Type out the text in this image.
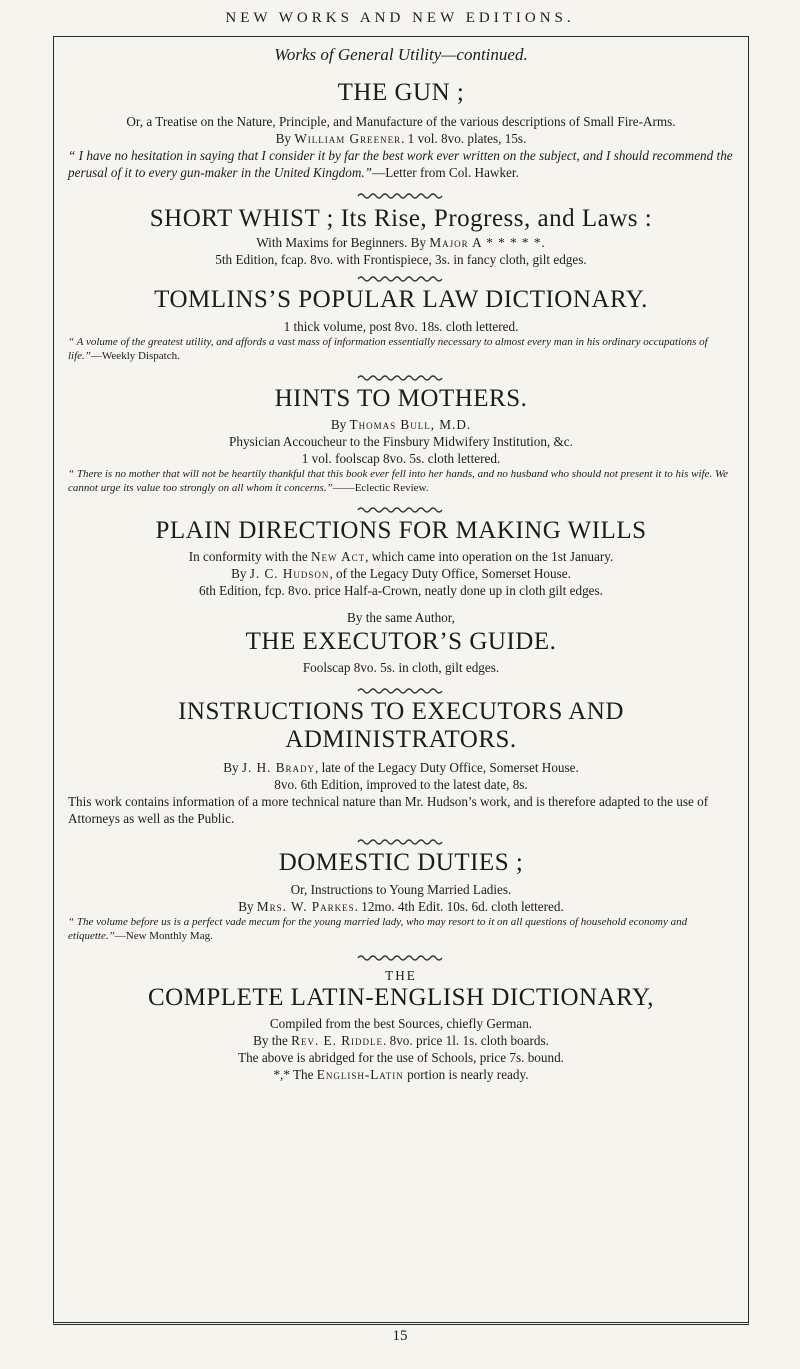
NEW WORKS AND NEW EDITIONS.
Works of General Utility—continued.
THE GUN ;

Or, a Treatise on the Nature, Principle, and Manufacture of the various descriptions of Small Fire-Arms.

By William Greener. 1 vol. 8vo. plates, 15s.

“ I have no hesitation in saying that I consider it by far the best work ever written on the subject, and I should recommend the perusal of it to every gun-maker in the United Kingdom.”—Letter from Col. Hawker.

SHORT WHIST ; Its Rise, Progress, and Laws :

With Maxims for Beginners. By Major A * * * * *.

5th Edition, fcap. 8vo. with Frontispiece, 3s. in fancy cloth, gilt edges.

TOMLINS’S POPULAR LAW DICTIONARY.

1 thick volume, post 8vo. 18s. cloth lettered.

“ A volume of the greatest utility, and affords a vast mass of information essentially necessary to almost every man in his ordinary occupations of life.”—Weekly Dispatch.

HINTS TO MOTHERS.

By Thomas Bull, M.D.

Physician Accoucheur to the Finsbury Midwifery Institution, &c.

1 vol. foolscap 8vo. 5s. cloth lettered.

“ There is no mother that will not be heartily thankful that this book ever fell into her hands, and no husband who should not present it to his wife. We cannot urge its value too strongly on all whom it concerns.”——Eclectic Review.

PLAIN DIRECTIONS FOR MAKING WILLS

In conformity with the New Act, which came into operation on the 1st January.

By J. C. Hudson, of the Legacy Duty Office, Somerset House.

6th Edition, fcp. 8vo. price Half-a-Crown, neatly done up in cloth gilt edges.

By the same Author,

THE EXECUTOR’S GUIDE.

Foolscap 8vo. 5s. in cloth, gilt edges.

INSTRUCTIONS TO EXECUTORS AND
ADMINISTRATORS.

By J. H. Brady, late of the Legacy Duty Office, Somerset House.

8vo. 6th Edition, improved to the latest date, 8s.

This work contains information of a more technical nature than Mr. Hudson’s work, and is therefore adapted to the use of Attorneys as well as the Public.

DOMESTIC DUTIES ;

Or, Instructions to Young Married Ladies.

By Mrs. W. Parkes. 12mo. 4th Edit. 10s. 6d. cloth lettered.

“ The volume before us is a perfect vade mecum for the young married lady, who may resort to it on all questions of household economy and etiquette.”—New Monthly Mag.

THE

COMPLETE LATIN-ENGLISH DICTIONARY,

Compiled from the best Sources, chiefly German.

By the Rev. E. Riddle. 8vo. price 1l. 1s. cloth boards.

The above is abridged for the use of Schools, price 7s. bound.

*,* The English-Latin portion is nearly ready.

15
